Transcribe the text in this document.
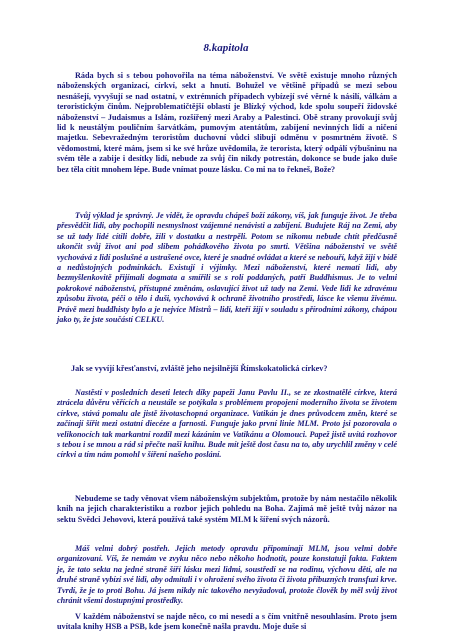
8.kapitola

Ráda bych si s tebou pohovořila na téma náboženství. Ve světě existuje mnoho různých náboženských organizací, církví, sekt a hnutí. Bohužel ve většině případů se mezi sebou nesnášejí, vyvyšují se nad ostatní, v extrémních případech vybízejí své věrné k násilí, válkám a teroristickým činům. Nejproblematičtější oblastí je Blízký východ, kde spolu soupeří židovské náboženství – Judaismus a Islám, rozšířený mezi Araby a Palestinci. Obě strany provokují svůj lid k neustálým pouličním šarvátkám, pumovým atentátům, zabíjení nevinných lidí a ničení majetku. Sebevražedným teroristům duchovní vůdci slibují odměnu v posmrtném životě. S vědomostmi, které mám, jsem si ke své hrůze uvědomila, že terorista, který odpálí výbušninu na svém těle a zabije i desítky lidí, nebude za svůj čin nikdy potrestán, dokonce se bude jako duše bez těla cítit mnohem lépe. Bude vnímat pouze lásku. Co mi na to řekneš, Bože?

Tvůj výklad je správný. Je vidět, že opravdu chápeš boží zákony, víš, jak funguje život. Je třeba přesvědčit lidi, aby pochopili nesmyslnost vzájemné nenávisti a zabíjení. Budujete Ráj na Zemi, aby se už tady lidé cítili dobře, žili v dostatku a nestrpěli. Potom se nikomu nebude chtít předčasně ukončit svůj život ani pod slibem pohádkového života po smrti. Většina náboženství ve světě vychovává z lidí poslušné a ustrašené ovce, které je snadné ovládat a které se nebouří, když žijí v bídě a nedůstojných podmínkách. Existují i výjimky. Mezi náboženství, které nematí lidi, aby bezmyšlenkovitě přijímali dogmata a smířili se s rolí poddaných, patří Buddhismus. Je to velmi pokrokové náboženství, přístupné změnám, oslavující život už tady na Zemi. Vede lidi ke zdravému způsobu života, péči o tělo i duši, vychovává k ochraně životního prostředí, lásce ke všemu živému. Právě mezi buddhisty bylo a je nejvíce Mistrů – lidí, kteří žijí v souladu s přírodními zákony, chápou jako ty, že jste součástí CELKU.

Jak se vyvíjí křesťanství, zvláště jeho nejsilnější Římskokatolická církev?

Nastěstí v posledních deseti letech díky papeži Janu Pavlu II., se ze zkostnatělé církve, která ztrácela důvěru věřících a neustále se potýkala s problémem propojení moderního života se životem církve, stává pomalu ale jistě životaschopná organizace. Vatikán je dnes průvodcem změn, které se začínají šířit mezi ostatní diecéze a farnosti. Funguje jako první linie MLM. Proto jsi pozorovala o velikonocích tak markantní rozdíl mezi kázáním ve Vatikánu a Olomouci. Papež jistě uvítá rozhovor s tebou i se mnou a rád si přečte naši knihu. Bude mít ještě dost času na to, aby urychlil změny v celé církvi a tím nám pomohl v šíření našeho poslání.

Nebudeme se tady věnovat všem náboženským subjektům, protože by nám nestačilo několik knih na jejich charakteristiku a rozbor jejich pohledu na Boha. Zajímá mě ještě tvůj názor na sektu Svědci Jehovovi, která používá také systém MLM k šíření svých názorů.

Máš velmi dobrý postřeh. Jejich metody opravdu připomínají MLM, jsou velmi dobře organizovaní. Víš, že nemám ve zvyku něco nebo někoho hodnotit, pouze konstatuji fakta. Faktem je, že tato sekta na jedné straně šíří lásku mezi lidmi, soustředí se na rodinu, výchovu dětí, ale na druhé straně vybízí své lidi, aby odmítali i v ohrožení svého života či života příbuzných transfuzi krve. Tvrdí, že je to proti Bohu. Já jsem nikdy nic takového nevyžadoval, protože člověk by měl svůj život chránit všemi dostupnými prostředky.

V každém náboženství se najde něco, co mi nesedí a s čím vnitřně nesouhlasím. Proto jsem uvítala knihy HSB a PSB, kde jsem konečně našla pravdu. Moje duše si
